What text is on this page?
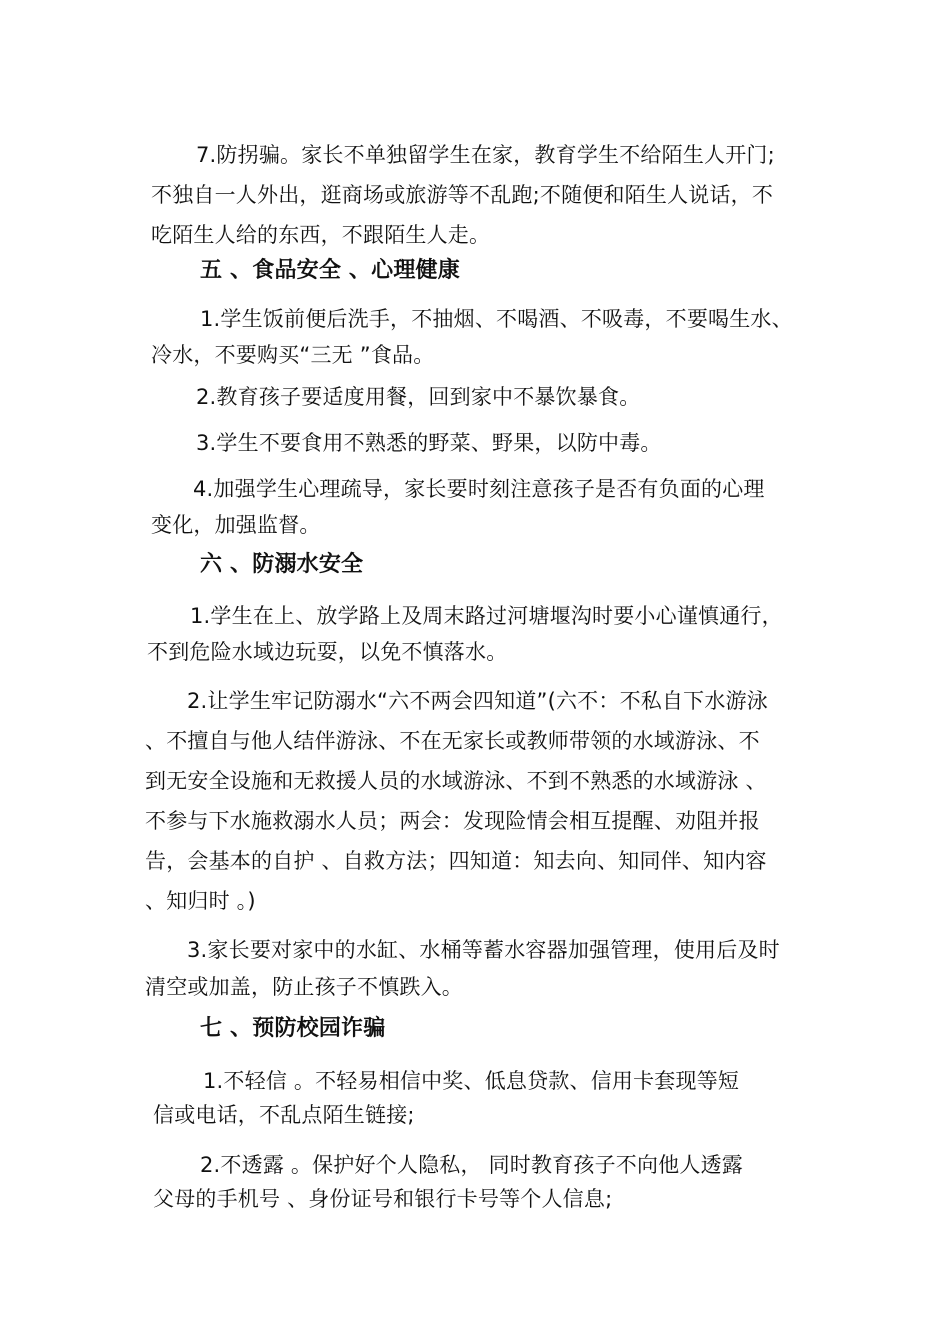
7.防拐骗。家长不单独留学生在家，教育学生不给陌生人开门;
不独自一人外出，逛商场或旅游等不乱跑;不随便和陌生人说话，不
吃陌生人给的东西，不跟陌生人走。
五 、食品安全 、心理健康
1.学生饭前便后洗手，不抽烟、不喝酒、不吸毒，不要喝生水、
冷水，不要购买“三无 ”食品。
2.教育孩子要适度用餐，回到家中不暴饮暴食。
3.学生不要食用不熟悉的野菜、野果，以防中毒。
4.加强学生心理疏导，家长要时刻注意孩子是否有负面的心理
变化，加强监督。
六 、防溺水安全
1.学生在上、放学路上及周末路过河塘堰沟时要小心谨慎通行，
不到危险水域边玩耍，以免不慎落水。
2.让学生牢记防溺水“六不两会四知道”(六不：不私自下水游泳
、不擅自与他人结伴游泳、不在无家长或教师带领的水域游泳、不
到无安全设施和无救援人员的水域游泳、不到不熟悉的水域游泳 、
不参与下水施救溺水人员；两会：发现险情会相互提醒、劝阻并报
告，会基本的自护 、自救方法；四知道：知去向、知同伴、知内容
、知归时 。)
3.家长要对家中的水缸、水桶等蓄水容器加强管理，使用后及时
清空或加盖，防止孩子不慎跌入。
七 、预防校园诈骗
1.不轻信 。不轻易相信中奖、低息贷款、信用卡套现等短
信或电话，不乱点陌生链接;
2.不透露 。保护好个人隐私， 同时教育孩子不向他人透露
父母的手机号 、身份证号和银行卡号等个人信息;
